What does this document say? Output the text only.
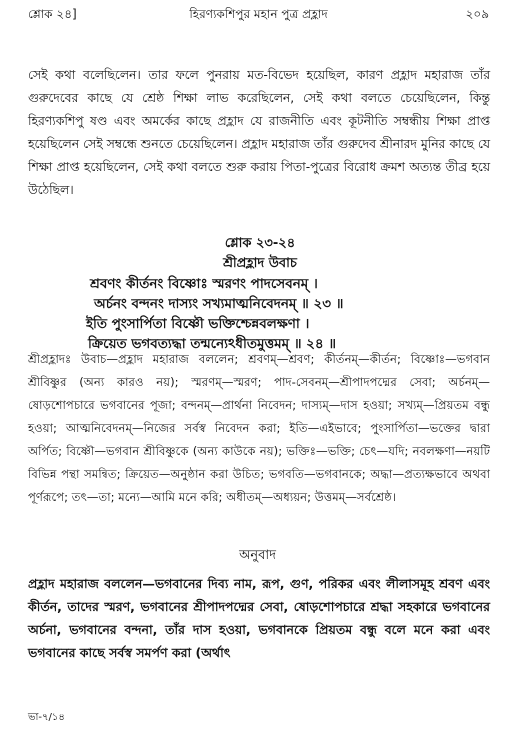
শ্লোক ২৪]	হিরণ্যকশিপুর মহান পুত্র প্রহ্লাদ	২০৯
সেই কথা বলেছিলেন। তার ফলে পুনরায় মত-বিভেদ হয়েছিল, কারণ প্রহ্লাদ মহারাজ তাঁর গুরুদেবের কাছে যে শ্রেষ্ঠ শিক্ষা লাভ করেছিলেন, সেই কথা বলতে চেয়েছিলেন, কিন্তু হিরণ্যকশিপু ষণ্ড এবং অমর্কের কাছে প্রহ্লাদ যে রাজনীতি এবং কূটনীতি সম্বন্ধীয় শিক্ষা প্রাপ্ত হয়েছিলেন সেই সম্বন্ধে শুনতে চেয়েছিলেন। প্রহ্লাদ মহারাজ তাঁর গুরুদেব শ্রীনারদ মুনির কাছে যে শিক্ষা প্রাপ্ত হয়েছিলেন, সেই কথা বলতে শুরু করায় পিতা-পুত্রের বিরোধ ক্রমশ অত্যন্ত তীব্র হয়ে উঠেছিল।
শ্লোক ২৩-২৪
শ্রীপ্রহ্লাদ উবাচ
শ্রবণং কীর্তনং বিষ্ণোঃ স্মরণং পাদসেবনম্ ।
অর্চনং বন্দনং দাস্যং সখ্যমাত্মনিবেদনম্ ॥ ২৩ ॥
ইতি পুংসার্পিতা বিষ্ণৌ ভক্তিশ্চেন্নবলক্ষণা ।
ক্রিয়েত ভগবত্যদ্ধা তন্মন্যেঽধীতমুত্তমম্ ॥ ২৪ ॥
শ্রীপ্রহ্লাদঃ উবাচ—প্রহ্লাদ মহারাজ বললেন; শ্রবণম্—শ্রবণ; কীর্তনম্—কীর্তন; বিষ্ণোঃ—ভগবান শ্রীবিষ্ণুর (অন্য কারও নয়); স্মরণম্—স্মরণ; পাদ-সেবনম্—শ্রীপাদপদ্মের সেবা; অর্চনম্—ষোড়শোপচারে ভগবানের পূজা; বন্দনম্—প্রার্থনা নিবেদন; দাস্যম্—দাস হওয়া; সখ্যম্—প্রিয়তম বন্ধু হওয়া; আত্মনিবেদনম্—নিজের সর্বস্ব নিবেদন করা; ইতি—এইভাবে; পুংসার্পিতা—ভক্তের দ্বারা অর্পিত; বিষ্ণৌ—ভগবান শ্রীবিষ্ণুকে (অন্য কাউকে নয়); ভক্তিঃ—ভক্তি; চেৎ—যদি; নবলক্ষণা—নয়টি বিভিন্ন পন্থা সমন্বিত; ক্রিয়েত—অনুষ্ঠান করা উচিত; ভগবতি—ভগবানকে; অদ্ধা—প্রত্যক্ষভাবে অথবা পূর্ণরূপে; তৎ—তা; মন্যে—আমি মনে করি; অধীতম্—অধ্যয়ন; উত্তমম্—সর্বশ্রেষ্ঠ।
অনুবাদ
প্রহ্লাদ মহারাজ বললেন—ভগবানের দিব্য নাম, রূপ, গুণ, পরিকর এবং লীলাসমূহ শ্রবণ এবং কীর্তন, তাদের স্মরণ, ভগবানের শ্রীপাদপদ্মের সেবা, ষোড়শোপচারে শ্রদ্ধা সহকারে ভগবানের অর্চনা, ভগবানের বন্দনা, তাঁর দাস হওয়া, ভগবানকে প্রিয়তম বন্ধু বলে মনে করা এবং ভগবানের কাছে সর্বস্ব সমর্পণ করা (অর্থাৎ
ভা-৭/১৪
